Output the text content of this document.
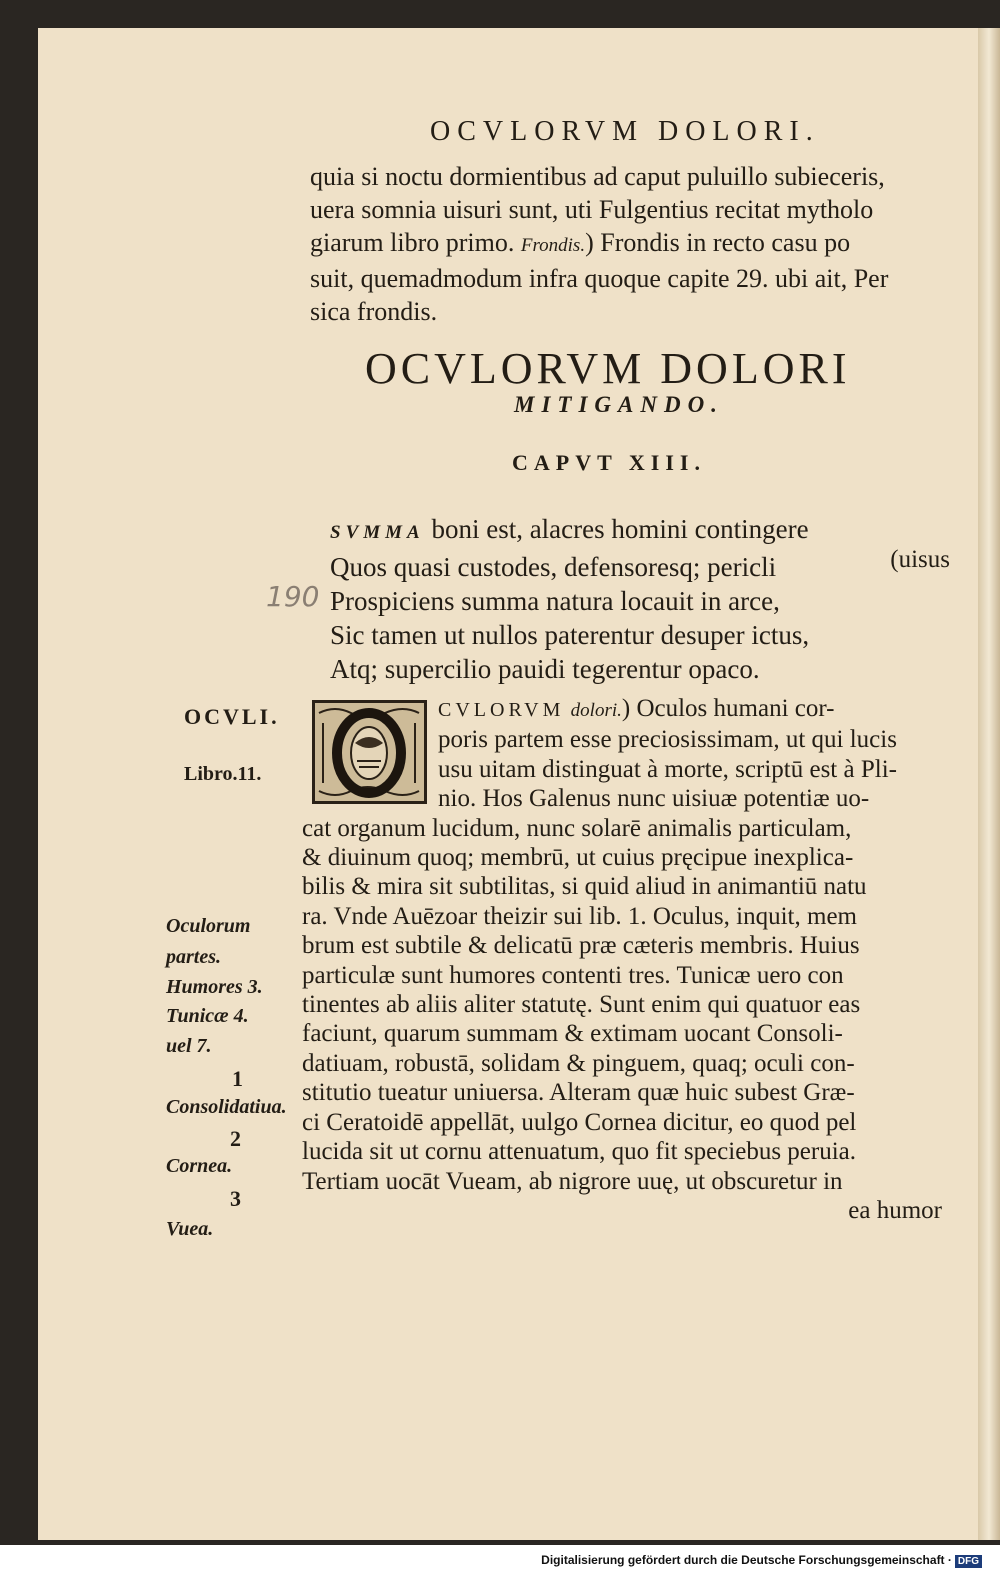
OCVLORVM DOLORI.
quia si noctu dormientibus ad caput puluillo subieceris,
uera somnia uisuri sunt, uti Fulgentius recitat mytholo
giarum libro primo. Frondis.) Frondis in recto casu po
suit, quemadmodum infra quoque capite 29. ubi ait, Per
sica frondis.
OCVLORVM DOLORI
MITIGANDO.
CAPVT XIII.
190
SVMMA boni est, alacres homini contingere
Quos quasi custodes, defensoresq; pericli
Prospiciens summa natura locauit in arce,
Sic tamen ut nullos paterentur desuper ictus,
Atq; supercilio pauidi tegerentur opaco.
(uisus
CVLORVM dolori.) Oculos humani cor-
poris partem esse preciosissimam, ut qui lucis
usu uitam distinguat à morte, scriptū est à Pli-
nio. Hos Galenus nunc uisiuæ potentiæ uo-
cat organum lucidum, nunc solarē animalis particulam,
& diuinum quoq; membrū, ut cuius pręcipue inexplica-
bilis & mira sit subtilitas, si quid aliud in animantiū natu
ra. Vnde Auēzoar theizir sui lib. 1. Oculus, inquit, mem
brum est subtile & delicatū præ cæteris membris. Huius
particulæ sunt humores contenti tres. Tunicæ uero con
tinentes ab aliis aliter statutę. Sunt enim qui quatuor eas
faciunt, quarum summam & extimam uocant Consoli-
datiuam, robustā, solidam & pinguem, quaq; oculi con-
stitutio tueatur uniuersa. Alteram quæ huic subest Græ-
ci Ceratoidē appellāt, uulgo Cornea dicitur, eo quod pel
lucida sit ut cornu attenuatum, quo fit speciebus peruia.
Tertiam uocāt Vueam, ab nigrore uuę, ut obscuretur in
ea humor
OCVLI.
Libro.11.
Oculorum
partes.
Humores 3.
Tunicæ 4.
uel 7.
1
Consolidatiua.
2
Cornea.
3
Vuea.
Digitalisierung gefördert durch die Deutsche Forschungsgemeinschaft · DFG
